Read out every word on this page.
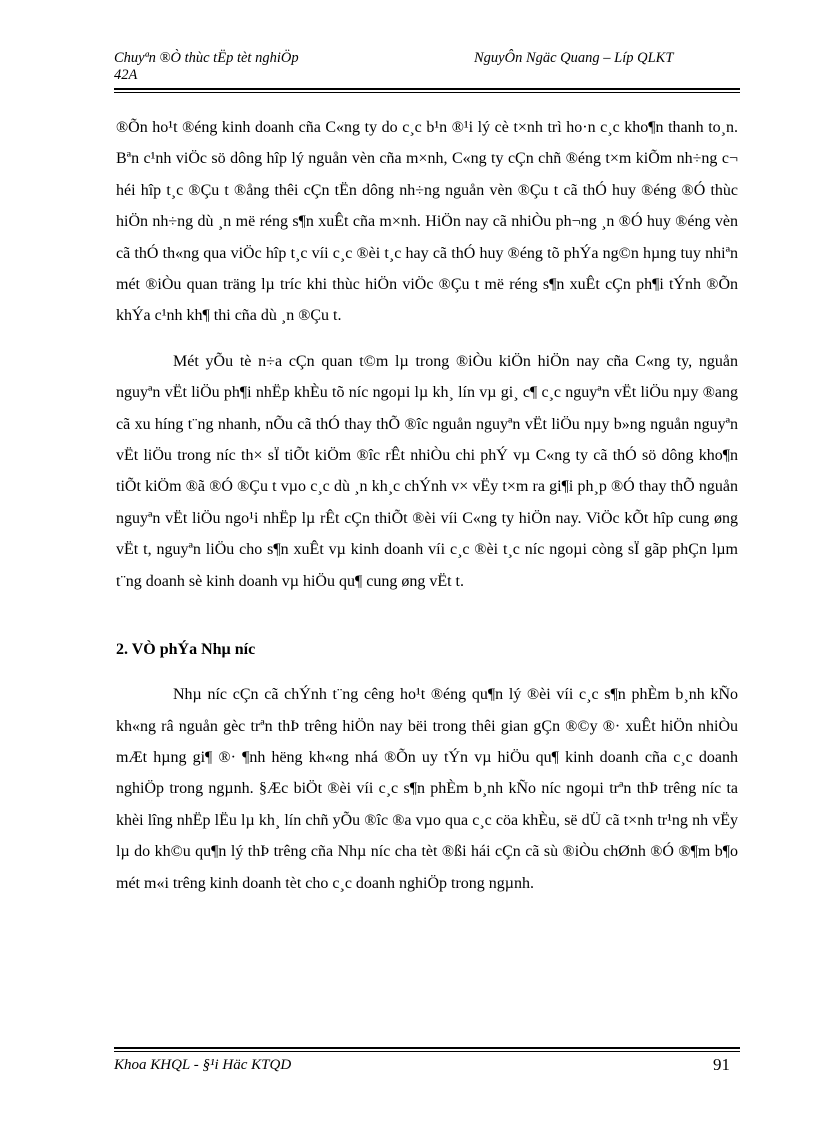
Chuyªn ®Ò thùc tËp tèt nghiÖp	NguyÔn Ngäc Quang – Líp QLKT
42A

®Õn ho¹t ®éng kinh doanh cña C«ng ty do c¸c b¹n ®¹i lý cè t×nh trì ho·n c¸c kho¶n thanh to¸n. Bªn c¹nh viÖc sö dông hîp lý nguån vèn cña m×nh, C«ng ty cÇn chñ ®éng t×m kiÕm nh÷ng c¬ héi hîp t¸c ®Çu t ®ång thêi cÇn tËn dông nh÷ng nguån vèn ®Çu t cã thÓ huy ®éng ®Ó thùc hiÖn nh÷ng dù ¸n më réng s¶n xuÊt cña m×nh. HiÖn nay cã nhiÒu ph¬ng ¸n ®Ó huy ®éng vèn cã thÓ th«ng qua viÖc hîp t¸c víi c¸c ®èi t¸c hay cã thÓ huy ®éng tõ phÝa ng©n hµng tuy nhiªn mét ®iÒu quan träng lµ tríc khi thùc hiÖn viÖc ®Çu t më réng s¶n xuÊt cÇn ph¶i tÝnh ®Õn khÝa c¹nh kh¶ thi cña dù ¸n ®Çu t.

Mét yÕu tè n÷a cÇn quan t©m lµ trong ®iÒu kiÖn hiÖn nay cña C«ng ty, nguån nguyªn vËt liÖu ph¶i nhËp khÈu tõ níc ngoµi lµ kh¸ lín vµ gi¸ c¶ c¸c nguyªn vËt liÖu nµy ®ang cã xu híng t¨ng nhanh, nÕu cã thÓ thay thÕ ®îc nguån nguyªn vËt liÖu nµy b»ng nguån nguyªn vËt liÖu trong níc th× sÏ tiÕt kiÖm ®îc rÊt nhiÒu chi phÝ vµ C«ng ty cã thÓ sö dông kho¶n tiÕt kiÖm ®ã ®Ó ®Çu t vµo c¸c dù ¸n kh¸c chÝnh v× vËy t×m ra gi¶i ph¸p ®Ó thay thÕ nguån nguyªn vËt liÖu ngo¹i nhËp lµ rÊt cÇn thiÕt ®èi víi C«ng ty hiÖn nay. ViÖc kÕt hîp cung øng vËt t, nguyªn liÖu cho s¶n xuÊt vµ kinh doanh víi c¸c ®èi t¸c níc ngoµi còng sÏ gãp phÇn lµm t¨ng doanh sè kinh doanh vµ hiÖu qu¶ cung øng vËt t.

2. VÒ phÝa Nhµ níc

Nhµ níc cÇn cã chÝnh t¨ng cêng ho¹t ®éng qu¶n lý ®èi víi c¸c s¶n phÈm b¸nh kÑo kh«ng râ nguån gèc trªn thÞ trêng hiÖn nay bëi trong thêi gian gÇn ®©y ®· xuÊt hiÖn nhiÒu mÆt hµng gi¶ ®· ¶nh hëng kh«ng nhá ®Õn uy tÝn vµ hiÖu qu¶ kinh doanh cña c¸c doanh nghiÖp trong ngµnh. §Æc biÖt ®èi víi c¸c s¶n phÈm b¸nh kÑo níc ngoµi trªn thÞ trêng níc ta khèi lîng nhËp lËu lµ kh¸ lín chñ yÕu ®îc ®a vµo qua c¸c cöa khÈu, së dÜ cã t×nh tr¹ng nh vËy lµ do kh©u qu¶n lý thÞ trêng cña Nhµ níc cha tèt ®ßi hái cÇn cã sù ®iÒu chØnh ®Ó ®¶m b¶o mét m«i trêng kinh doanh tèt cho c¸c doanh nghiÖp trong ngµnh.

Khoa KHQL - §¹i Häc KTQD	91
